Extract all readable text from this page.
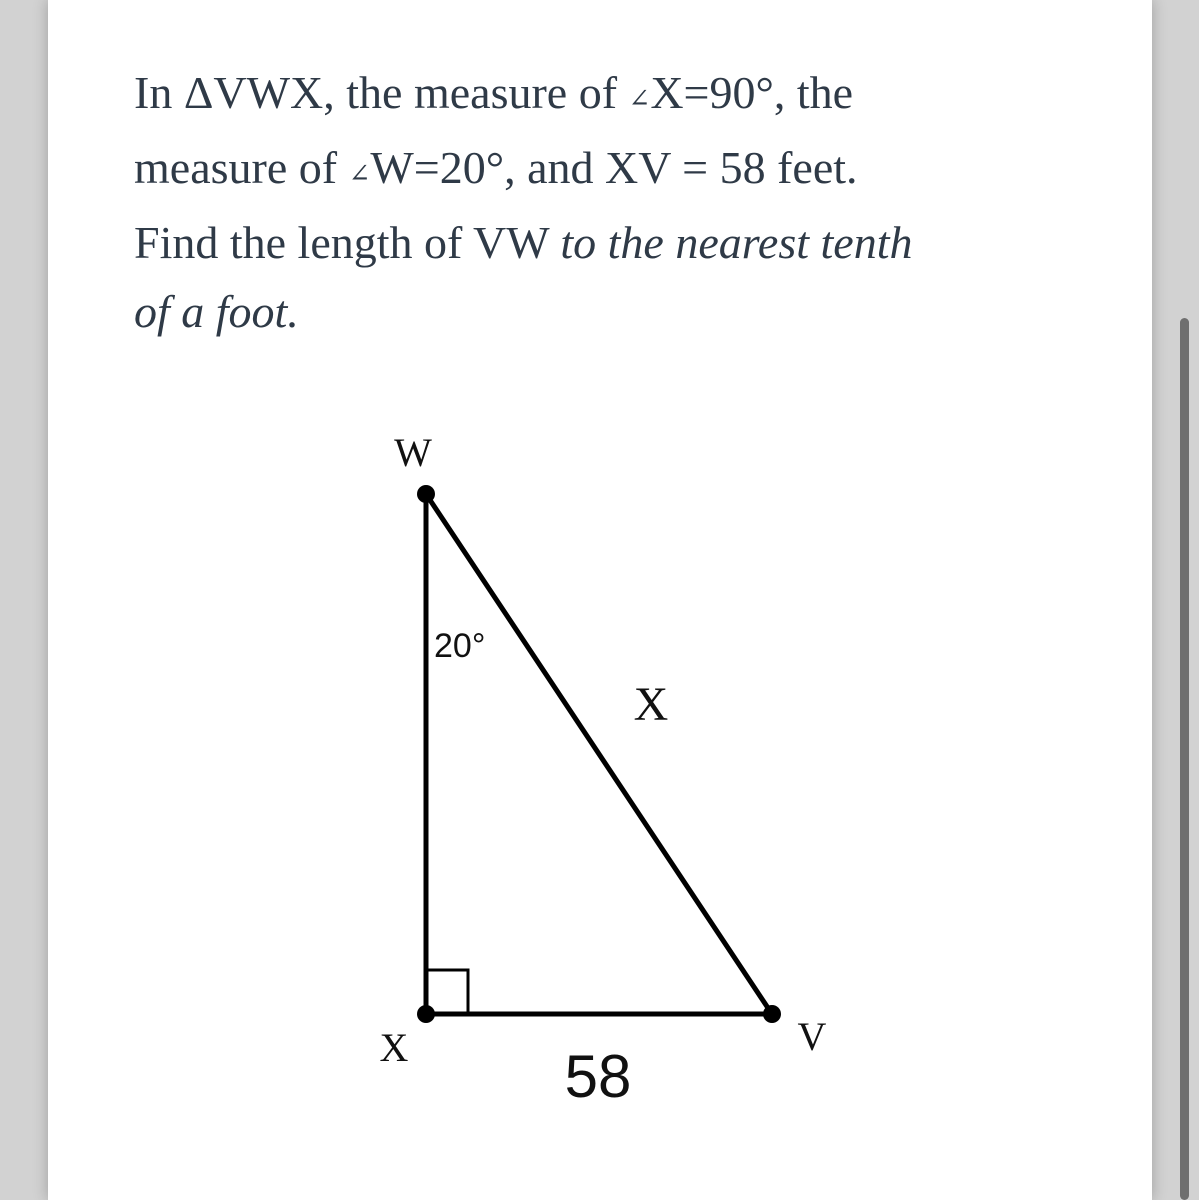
In ΔVWX, the measure of ∠X=90°, the
measure of ∠W=20°, and XV = 58 feet.
Find the length of VW to the nearest tenth
of a foot.
W
X	V
20°
X
58
